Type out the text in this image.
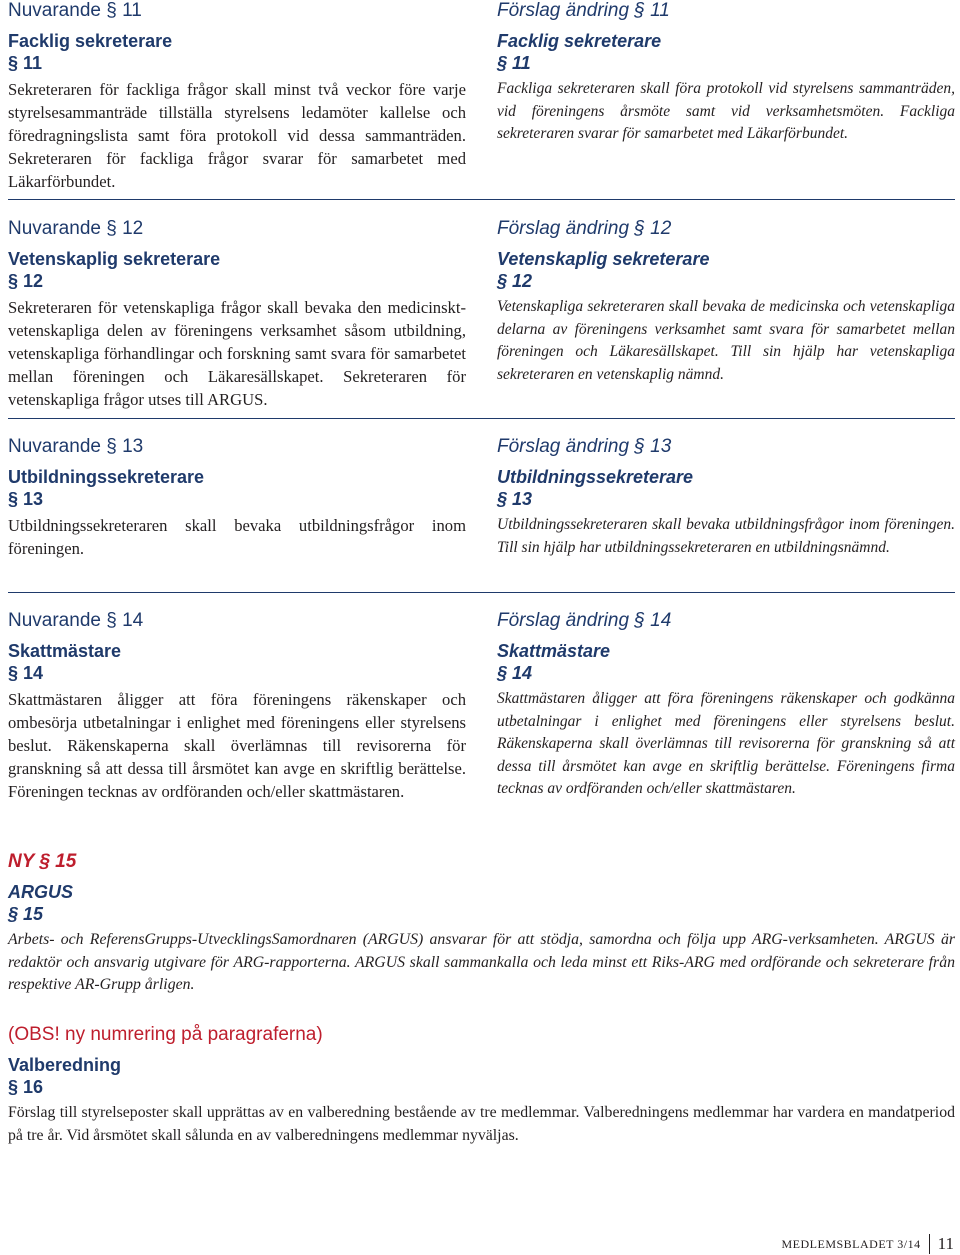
Nuvarande § 11

Facklig sekreterare

§ 11

Sekreteraren för fackliga frågor skall minst två veckor före varje styrelsesammanträde tillställa styrelsens ledamöter kallelse och föredragningslista samt föra protokoll vid dessa sammanträden. Sekreteraren för fackliga frågor svarar för samarbetet med Läkarförbundet.

Förslag ändring § 11

Facklig sekreterare

§ 11

Fackliga sekreteraren skall föra protokoll vid styrelsens sammanträden, vid föreningens årsmöte samt vid verksamhetsmöten. Fackliga sekreteraren svarar för samarbetet med Läkarförbundet.

Nuvarande § 12

Vetenskaplig sekreterare

§ 12

Sekreteraren för vetenskapliga frågor skall bevaka den medicinskt- vetenskapliga delen av föreningens verksamhet såsom utbildning, vetenskapliga förhandlingar och forskning samt svara för samarbetet mellan föreningen och Läkaresällskapet. Sekreteraren för vetenskapliga frågor utses till ARGUS.

Förslag ändring § 12

Vetenskaplig sekreterare

§ 12

Vetenskapliga sekreteraren skall bevaka de medicinska och vetenskapliga delarna av föreningens verksamhet samt svara för samarbetet mellan föreningen och Läkaresällskapet. Till sin hjälp har vetenskapliga sekreteraren en vetenskaplig nämnd.

Nuvarande § 13

Utbildningssekreterare

§ 13

Utbildningssekreteraren skall bevaka utbildningsfrågor inom föreningen.

Förslag ändring § 13

Utbildningssekreterare

§ 13

Utbildningssekreteraren skall bevaka utbildningsfrågor inom föreningen. Till sin hjälp har utbildningssekreteraren en utbildningsnämnd.

Nuvarande § 14

Skattmästare

§ 14

Skattmästaren åligger att föra föreningens räkenskaper och ombesörja utbetalningar i enlighet med föreningens eller styrelsens beslut. Räkenskaperna skall överlämnas till revisorerna för granskning så att dessa till årsmötet kan avge en skriftlig berättelse. Föreningen tecknas av ordföranden och/eller skattmästaren.

Förslag ändring § 14

Skattmästare

§ 14

Skattmästaren åligger att föra föreningens räkenskaper och godkänna utbetalningar i enlighet med föreningens eller styrelsens beslut. Räkenskaperna skall överlämnas till revisorerna för granskning så att dessa till årsmötet kan avge en skriftlig berättelse. Föreningens firma tecknas av ordföranden och/eller skattmästaren.

NY § 15

ARGUS

§ 15

Arbets- och ReferensGrupps-UtvecklingsSamordnaren (ARGUS) ansvarar för att stödja, samordna och följa upp ARG-verksamheten. ARGUS är redaktör och ansvarig utgivare för ARG-rapporterna. ARGUS skall sammankalla och leda minst ett Riks-ARG med ordförande och sekreterare från respektive AR-Grupp årligen.

(OBS! ny numrering på paragraferna)

Valberedning

§ 16

Förslag till styrelseposter skall upprättas av en valberedning bestående av tre medlemmar. Valberedningens medlemmar har vardera en mandatperiod på tre år. Vid årsmötet skall sålunda en av valberedningens medlemmar nyväljas.

MEDLEMSBLADET 3/14 11
